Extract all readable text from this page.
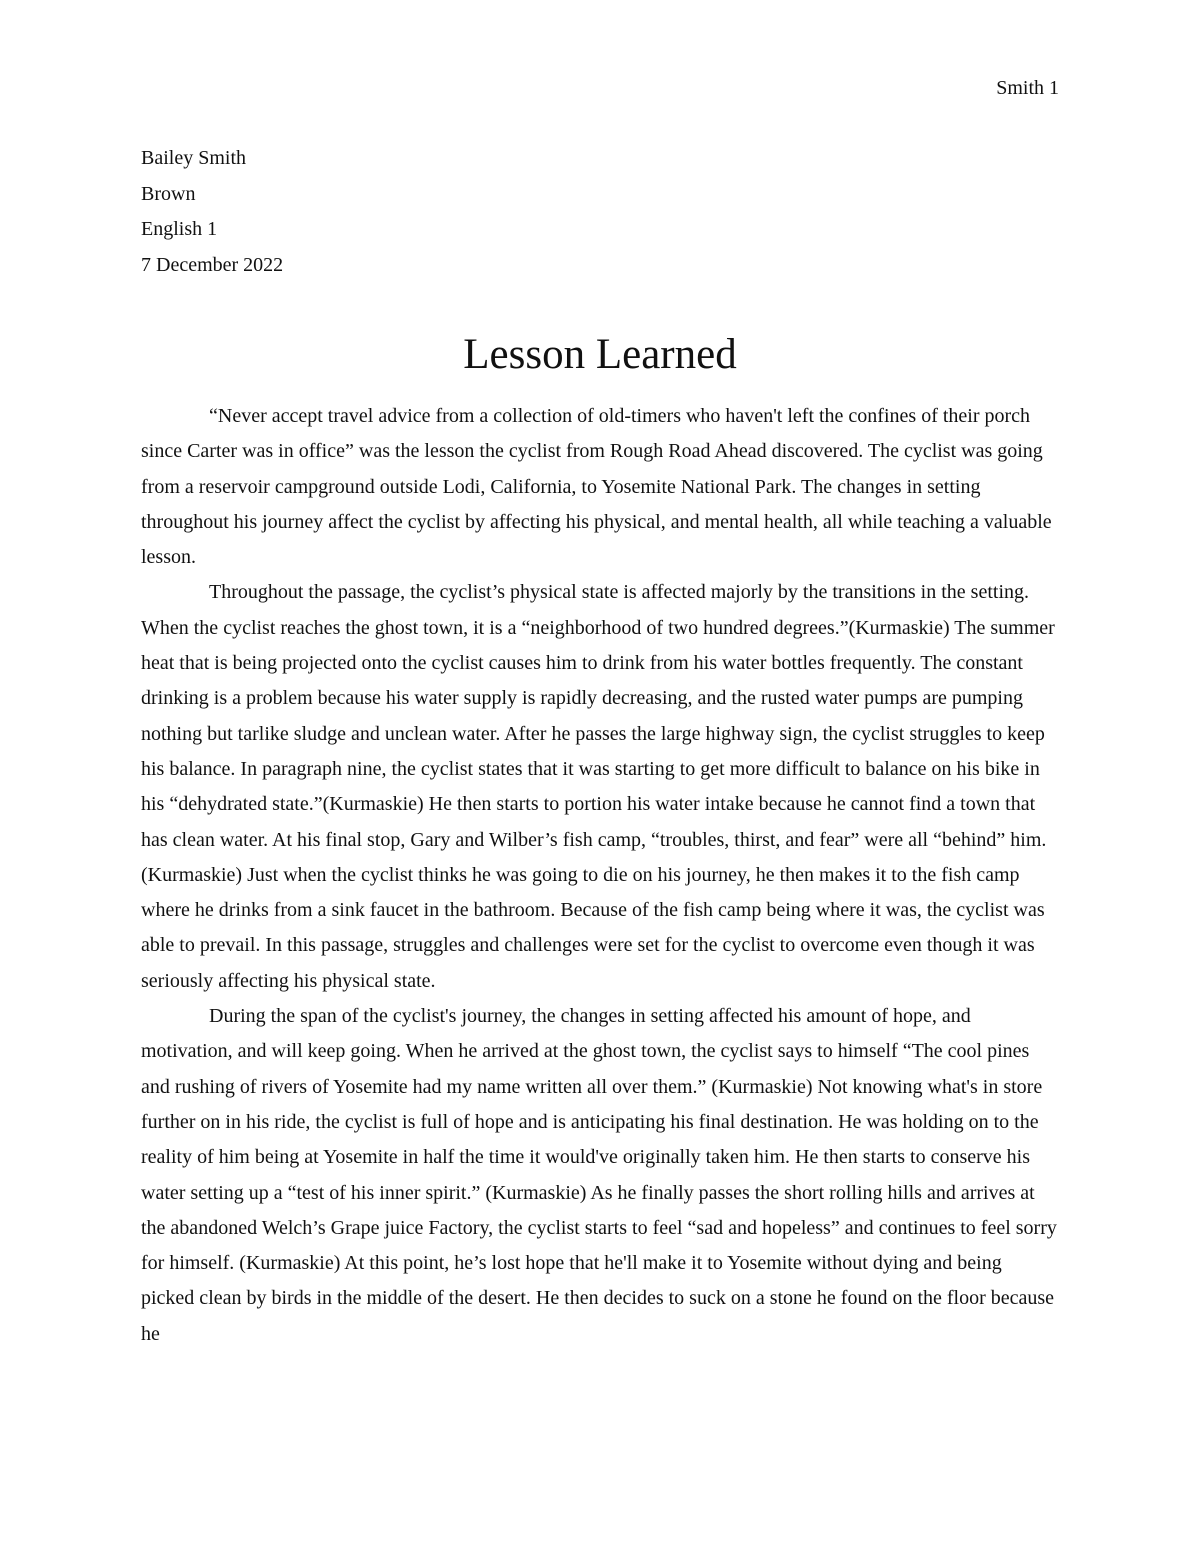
Smith 1
Bailey Smith
Brown
English 1
7 December 2022
Lesson Learned

“Never accept travel advice from a collection of old-timers who haven't left the confines of their porch since Carter was in office” was the lesson the cyclist from Rough Road Ahead discovered. The cyclist was going from a reservoir campground outside Lodi, California, to Yosemite National Park. The changes in setting throughout his journey affect the cyclist by affecting his physical, and mental health, all while teaching a valuable lesson.

Throughout the passage, the cyclist’s physical state is affected majorly by the transitions in the setting. When the cyclist reaches the ghost town, it is a “neighborhood of two hundred degrees.”(Kurmaskie) The summer heat that is being projected onto the cyclist causes him to drink from his water bottles frequently. The constant drinking is a problem because his water supply is rapidly decreasing, and the rusted water pumps are pumping nothing but tarlike sludge and unclean water. After he passes the large highway sign, the cyclist struggles to keep his balance. In paragraph nine, the cyclist states that it was starting to get more difficult to balance on his bike in his “dehydrated state.”(Kurmaskie) He then starts to portion his water intake because he cannot find a town that has clean water. At his final stop, Gary and Wilber’s fish camp, “troubles, thirst, and fear” were all “behind” him. (Kurmaskie) Just when the cyclist thinks he was going to die on his journey, he then makes it to the fish camp where he drinks from a sink faucet in the bathroom. Because of the fish camp being where it was, the cyclist was able to prevail. In this passage, struggles and challenges were set for the cyclist to overcome even though it was seriously affecting his physical state.

During the span of the cyclist's journey, the changes in setting affected his amount of hope, and motivation, and will keep going. When he arrived at the ghost town, the cyclist says to himself “The cool pines and rushing of rivers of Yosemite had my name written all over them.” (Kurmaskie) Not knowing what's in store further on in his ride, the cyclist is full of hope and is anticipating his final destination. He was holding on to the reality of him being at Yosemite in half the time it would've originally taken him. He then starts to conserve his water setting up a “test of his inner spirit.” (Kurmaskie) As he finally passes the short rolling hills and arrives at the abandoned Welch’s Grape juice Factory, the cyclist starts to feel “sad and hopeless” and continues to feel sorry for himself. (Kurmaskie) At this point, he’s lost hope that he'll make it to Yosemite without dying and being picked clean by birds in the middle of the desert. He then decides to suck on a stone he found on the floor because he
